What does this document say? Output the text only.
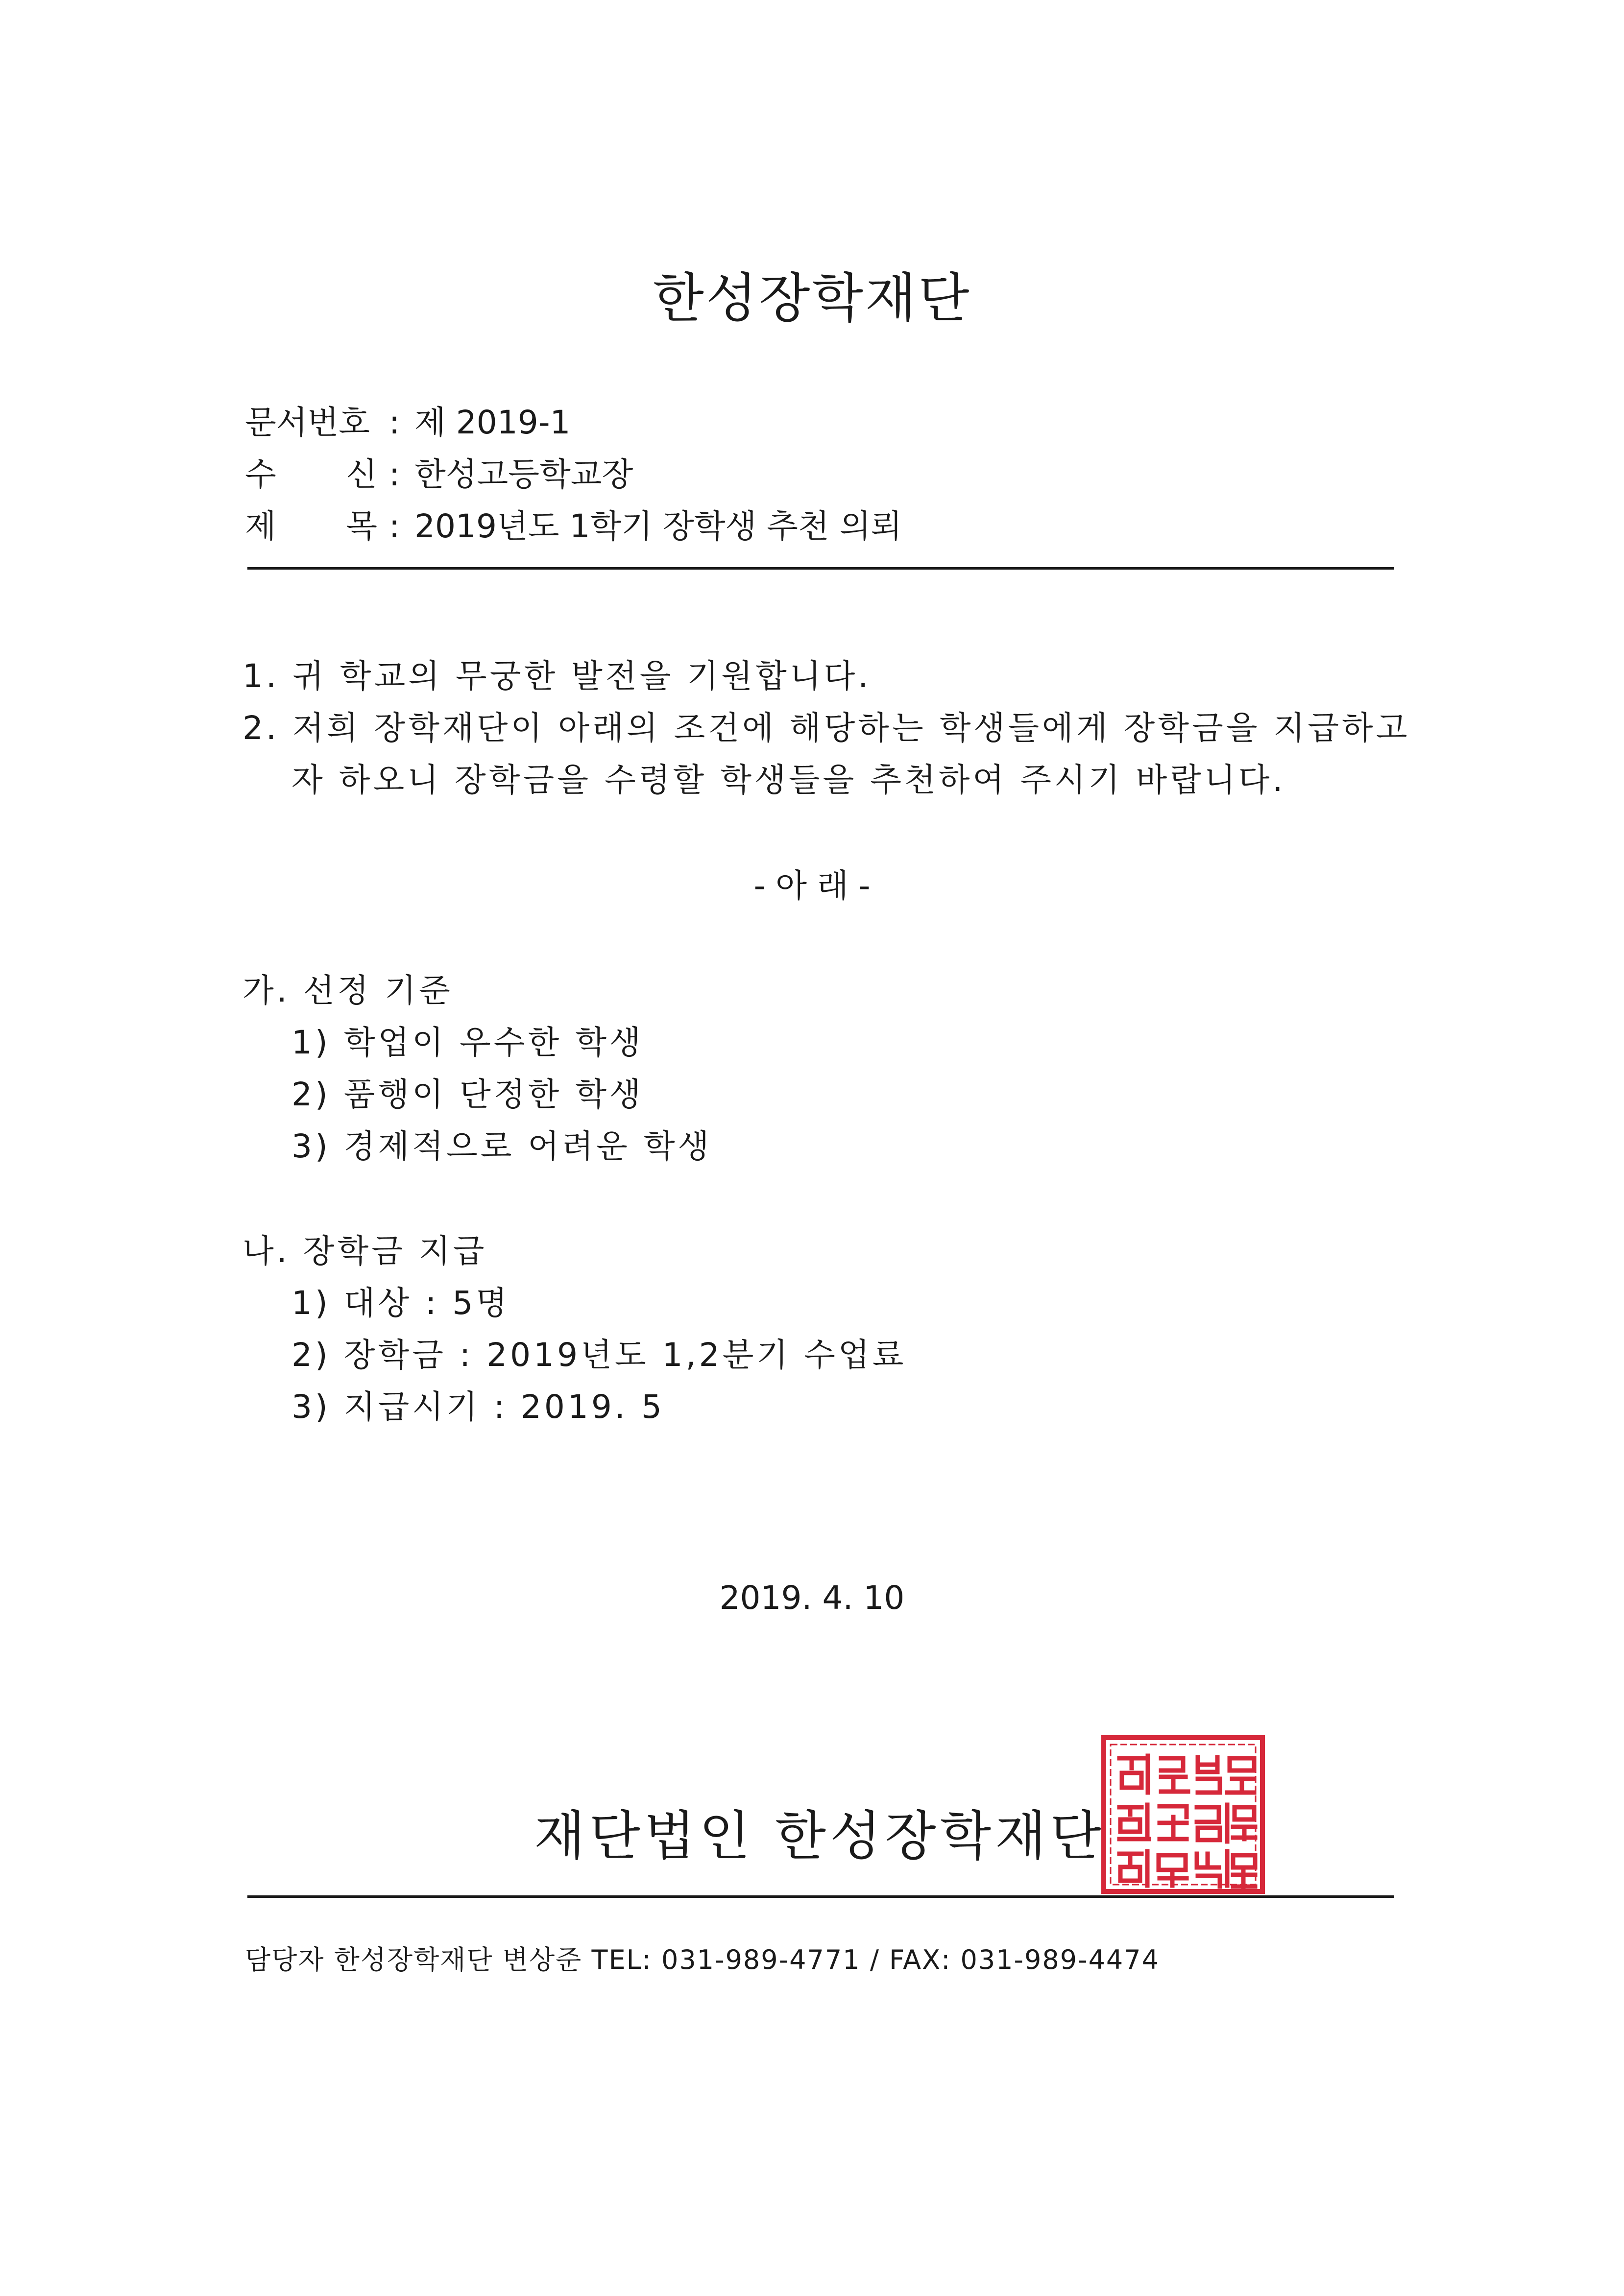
한성장학재단
문서번호 : 제 2019-1
수 신 : 한성고등학교장
제 목 : 2019년도 1학기 장학생 추천 의뢰
1. 귀 학교의 무궁한 발전을 기원합니다.
2. 저희 장학재단이 아래의 조건에 해당하는 학생들에게 장학금을 지급하고
자 하오니 장학금을 수령할 학생들을 추천하여 주시기 바랍니다.
- 아 래 -
가. 선정 기준
1) 학업이 우수한 학생
2) 품행이 단정한 학생
3) 경제적으로 어려운 학생
나. 장학금 지급
1) 대상 : 5명
2) 장학금 : 2019년도 1,2분기 수업료
3) 지급시기 : 2019. 5
2019. 4. 10
재단법인 한성장학재단
담당자 한성장학재단 변상준 TEL: 031-989-4771 / FAX: 031-989-4474
